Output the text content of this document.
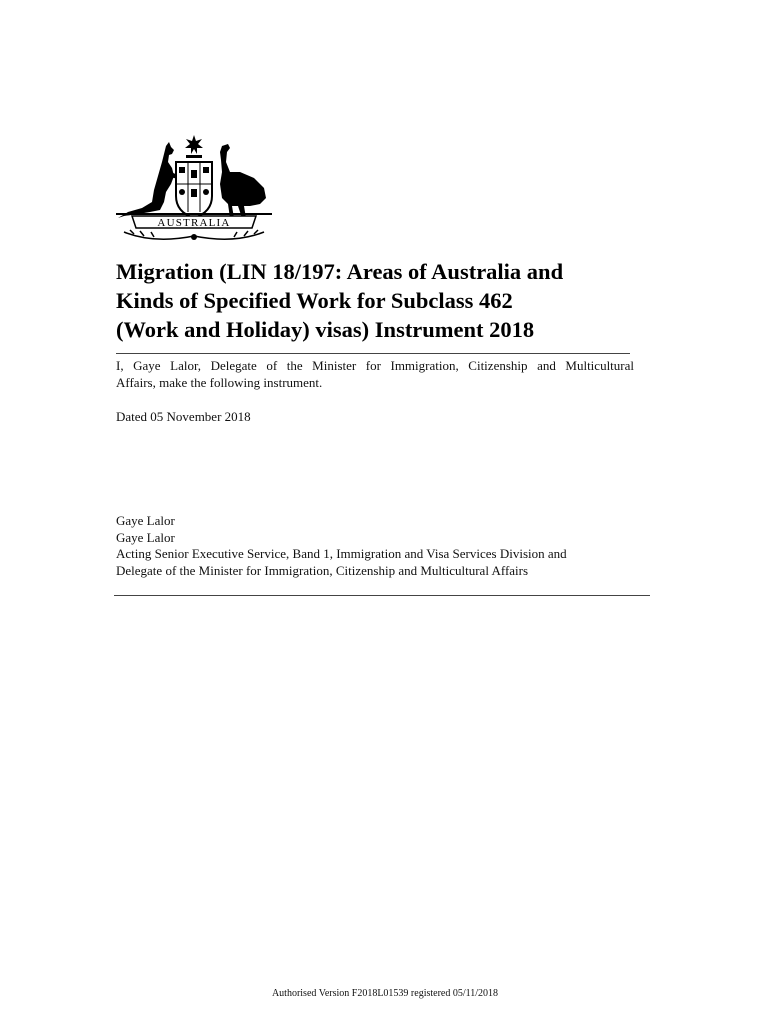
AUSTRALIA
Migration (LIN 18/197: Areas of Australia and
Kinds of Specified Work for Subclass 462
(Work and Holiday) visas) Instrument 2018
I, Gaye Lalor, Delegate of the Minister for Immigration, Citizenship and Multicultural
Affairs, make the following instrument.

Dated 05 November 2018

Gaye Lalor
Gaye Lalor
Acting Senior Executive Service, Band 1, Immigration and Visa Services Division and
Delegate of the Minister for Immigration, Citizenship and Multicultural Affairs
Authorised Version F2018L01539 registered 05/11/2018
